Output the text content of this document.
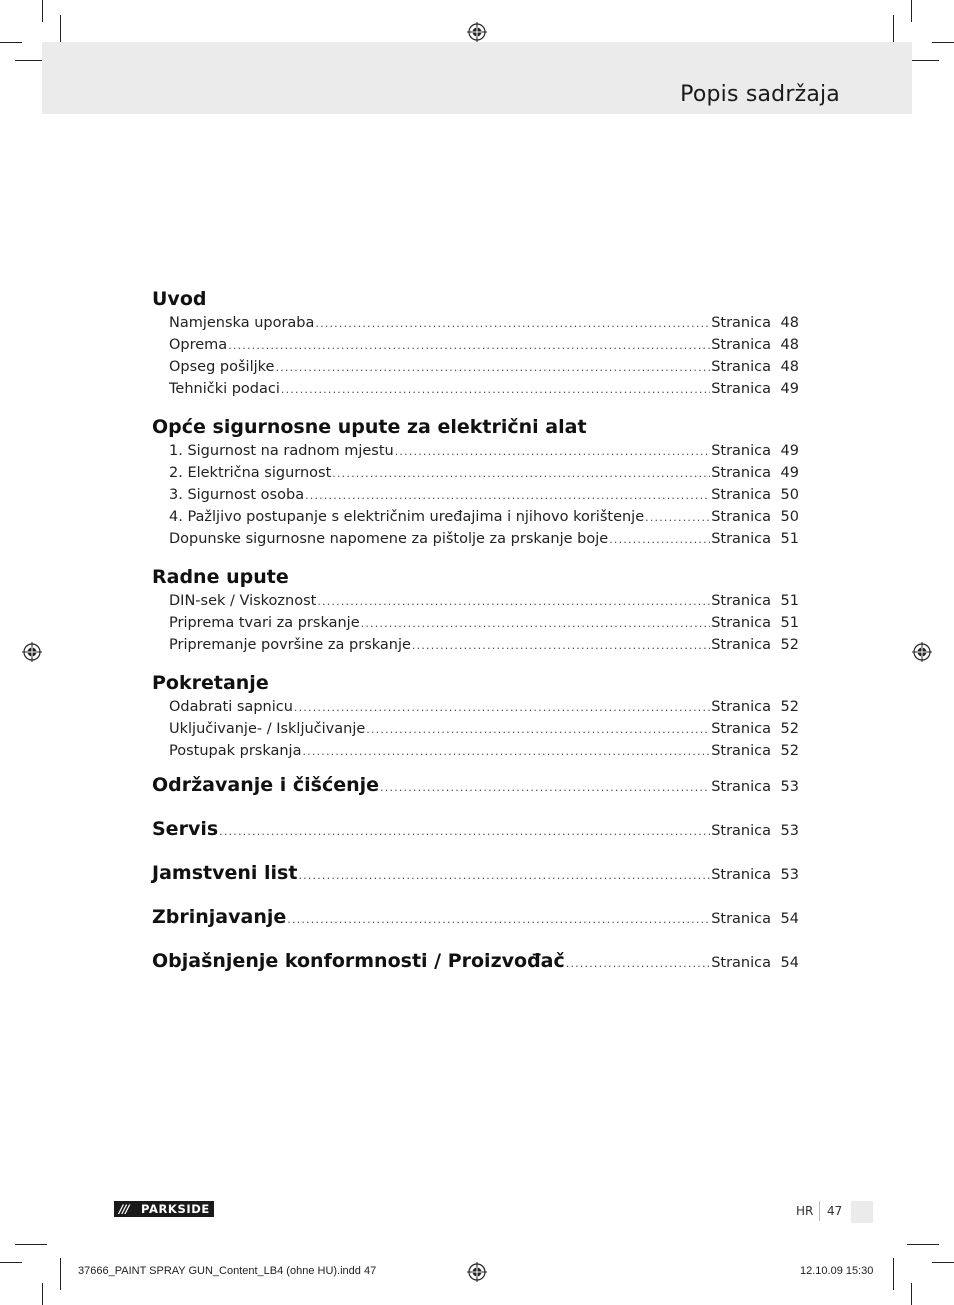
Popis sadržaja
Uvod
Namjenska uporaba .....	Stranica 48
Oprema .....	Stranica 48
Opseg pošiljke .....	Stranica 48
Tehnički podaci .....	Stranica 49
Opće sigurnosne upute za električni alat
1. Sigurnost na radnom mjestu .....	Stranica 49
2. Električna sigurnost .....	Stranica 49
3. Sigurnost osoba .....	Stranica 50
4. Pažljivo postupanje s električnim uređajima i njihovo korištenje .....	Stranica 50
Dopunske sigurnosne napomene za pištolje za prskanje boje .....	Stranica 51
Radne upute
DIN-sek / Viskoznost .....	Stranica 51
Priprema tvari za prskanje .....	Stranica 51
Pripremanje površine za prskanje .....	Stranica 52
Pokretanje
Odabrati sapnicu .....	Stranica 52
Uključivanje- / Isključivanje .....	Stranica 52
Postupak prskanja .....	Stranica 52
Održavanje i čišćenje .....	Stranica 53
Servis .....	Stranica 53
Jamstveni list .....	Stranica 53
Zbrinjavanje .....	Stranica 54
Objašnjenje konformnosti / Proizvođač .....	Stranica 54
///	PARKSIDE	HR 47
37666_PAINT SPRAY GUN_Content_LB4 (ohne HU).indd 47	12.10.09 15:30
